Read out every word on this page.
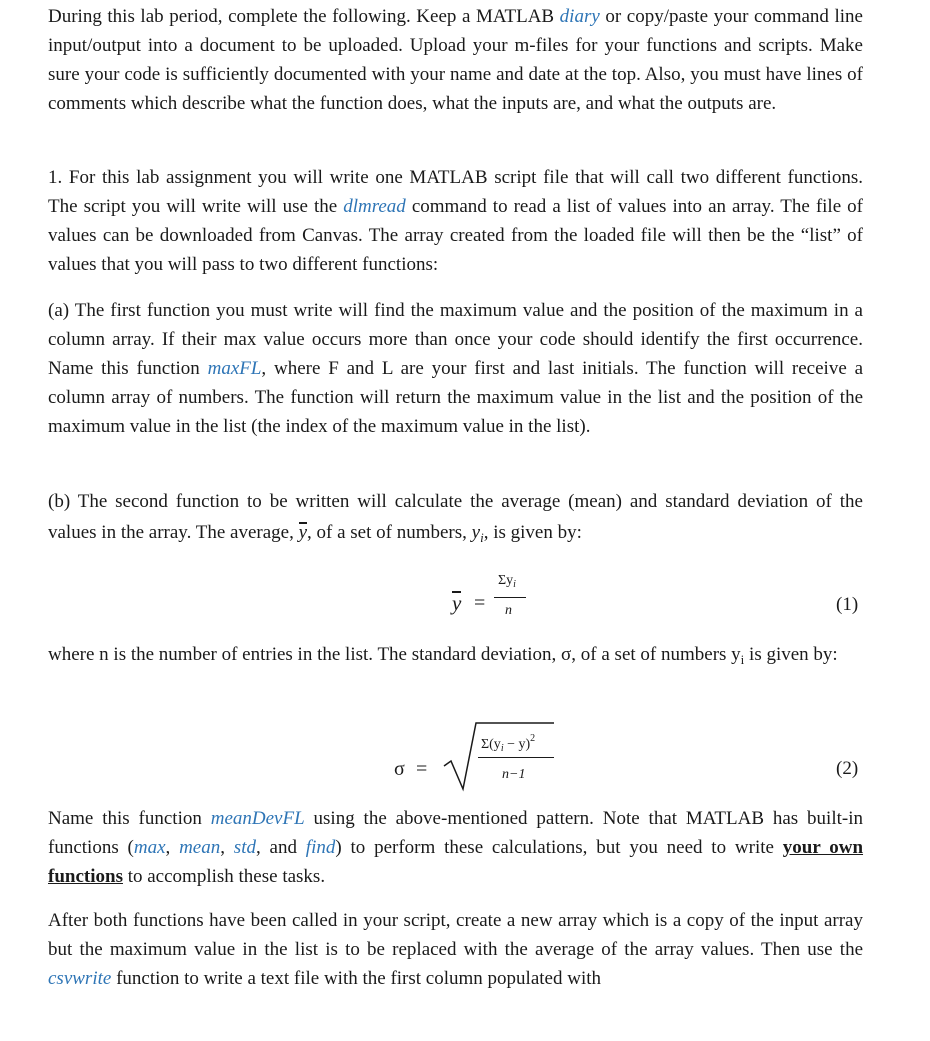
During this lab period, complete the following. Keep a MATLAB diary or copy/paste your command line input/output into a document to be uploaded. Upload your m-files for your functions and scripts. Make sure your code is sufficiently documented with your name and date at the top. Also, you must have lines of comments which describe what the function does, what the inputs are, and what the outputs are.

1. For this lab assignment you will write one MATLAB script file that will call two different functions. The script you will write will use the dlmread command to read a list of values into an array. The file of values can be downloaded from Canvas. The array created from the loaded file will then be the “list” of values that you will pass to two different functions:

(a) The first function you must write will find the maximum value and the position of the maximum in a column array. If their max value occurs more than once your code should identify the first occurrence. Name this function maxFL, where F and L are your first and last initials. The function will receive a column array of numbers. The function will return the maximum value in the list and the position of the maximum value in the list (the index of the maximum value in the list).

(b) The second function to be written will calculate the average (mean) and standard deviation of the values in the array. The average, y, of a set of numbers, $y_i$, is given by:

y =
$\Sigma y_i$
n	(1)

where n is the number of entries in the list. The standard deviation, σ, of a set of numbers $y_i$ is given by:

σ =
$\Sigma(y_i - y)^2$
n−1	(2)

Name this function meanDevFL using the above-mentioned pattern. Note that MATLAB has built-in functions (max, mean, std, and find) to perform these calculations, but you need to write your own functions to accomplish these tasks.

After both functions have been called in your script, create a new array which is a copy of the input array but the maximum value in the list is to be replaced with the average of the array values. Then use the csvwrite function to write a text file with the first column populated with
